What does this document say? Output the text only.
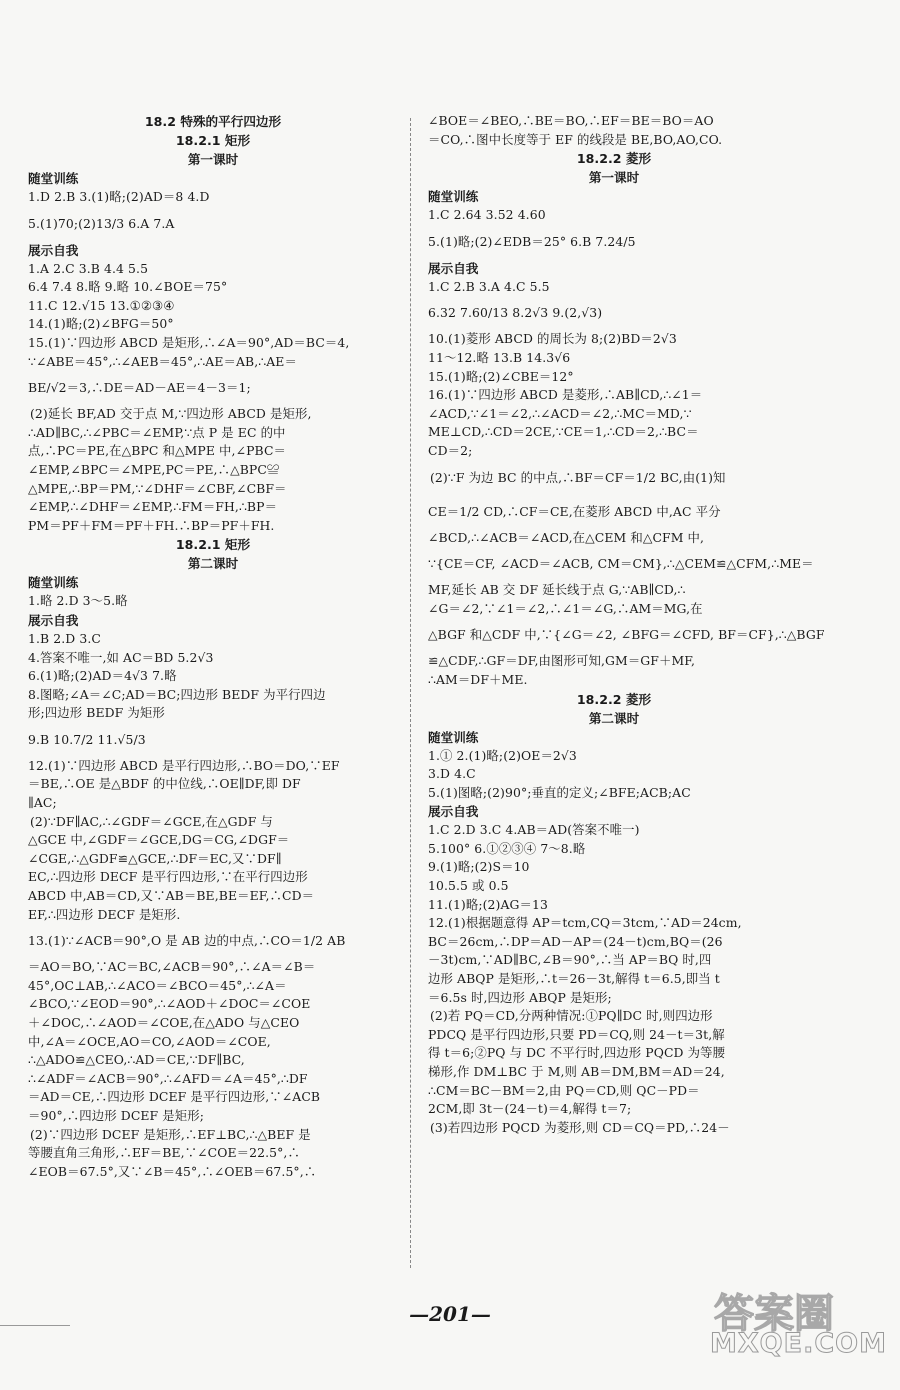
18.2 特殊的平行四边形
18.2.1 矩形
第一课时
随堂训练
1.D 2.B 3.(1)略;(2)AD＝8 4.D
5.(1)70;(2)13/3 6.A 7.A
展示自我
1.A 2.C 3.B 4.4 5.5
6.4 7.4 8.略 9.略 10.∠BOE＝75°
11.C 12.√15 13.①②③④
14.(1)略;(2)∠BFG＝50°
15.(1)∵四边形 ABCD 是矩形,∴∠A＝90°,AD＝BC＝4,
∵∠ABE＝45°,∴∠AEB＝45°,∴AE＝AB,∴AE＝
BE/√2＝3,∴DE＝AD－AE＝4－3＝1;
(2)延长 BF,AD 交于点 M,∵四边形 ABCD 是矩形,
∴AD∥BC,∴∠PBC＝∠EMP,∵点 P 是 EC 的中
点,∴PC＝PE,在△BPC 和△MPE 中,∠PBC＝
∠EMP,∠BPC＝∠MPE,PC＝PE,∴△BPC≌
△MPE,∴BP＝PM,∵∠DHF＝∠CBF,∠CBF＝
∠EMP,∴∠DHF＝∠EMP,∴FM＝FH,∴BP＝
PM＝PF＋FM＝PF＋FH.∴BP＝PF＋FH.
18.2.1 矩形
第二课时
随堂训练
1.略 2.D 3～5.略
展示自我
1.B 2.D 3.C
4.答案不唯一,如 AC＝BD 5.2√3
6.(1)略;(2)AD＝4√3 7.略
8.图略;∠A＝∠C;AD＝BC;四边形 BEDF 为平行四边
形;四边形 BEDF 为矩形
9.B 10.7/2 11.√5/3
12.(1)∵四边形 ABCD 是平行四边形,∴BO＝DO,∵EF
＝BE,∴OE 是△BDF 的中位线,∴OE∥DF,即 DF
∥AC;
(2)∵DF∥AC,∴∠GDF＝∠GCE,在△GDF 与
△GCE 中,∠GDF＝∠GCE,DG＝CG,∠DGF＝
∠CGE,∴△GDF≌△GCE,∴DF＝EC,又∵DF∥
EC,∴四边形 DECF 是平行四边形,∵在平行四边形
ABCD 中,AB＝CD,又∵AB＝BE,BE＝EF,∴CD＝
EF,∴四边形 DECF 是矩形.
13.(1)∵∠ACB＝90°,O 是 AB 边的中点,∴CO＝1/2 AB
＝AO＝BO,∵AC＝BC,∠ACB＝90°,∴∠A＝∠B＝
45°,OC⊥AB,∴∠ACO＝∠BCO＝45°,∴∠A＝
∠BCO,∵∠EOD＝90°,∴∠AOD＋∠DOC＝∠COE
＋∠DOC,∴∠AOD＝∠COE,在△ADO 与△CEO
中,∠A＝∠OCE,AO＝CO,∠AOD＝∠COE,
∴△ADO≌△CEO,∴AD＝CE,∵DF∥BC,
∴∠ADF＝∠ACB＝90°,∴∠AFD＝∠A＝45°,∴DF
＝AD＝CE,∴四边形 DCEF 是平行四边形,∵∠ACB
＝90°,∴四边形 DCEF 是矩形;
(2)∵四边形 DCEF 是矩形,∴EF⊥BC,∴△BEF 是
等腰直角三角形,∴EF＝BE,∵∠COE＝22.5°,∴
∠EOB＝67.5°,又∵∠B＝45°,∴∠OEB＝67.5°,∴
∠BOE＝∠BEO,∴BE＝BO,∴EF＝BE＝BO＝AO
＝CO,∴图中长度等于 EF 的线段是 BE,BO,AO,CO.
18.2.2 菱形
第一课时
随堂训练
1.C 2.64 3.52 4.60
5.(1)略;(2)∠EDB＝25° 6.B 7.24/5
展示自我
1.C 2.B 3.A 4.C 5.5
6.32 7.60/13 8.2√3 9.(2,√3)
10.(1)菱形 ABCD 的周长为 8;(2)BD＝2√3
11～12.略 13.B 14.3√6
15.(1)略;(2)∠CBE＝12°
16.(1)∵四边形 ABCD 是菱形,∴AB∥CD,∴∠1＝
∠ACD,∵∠1＝∠2,∴∠ACD＝∠2,∴MC＝MD,∵
ME⊥CD,∴CD＝2CE,∵CE＝1,∴CD＝2,∴BC＝
CD＝2;
(2)∵F 为边 BC 的中点,∴BF＝CF＝1/2 BC,由(1)知
CE＝1/2 CD,∴CF＝CE,在菱形 ABCD 中,AC 平分
∠BCD,∴∠ACB＝∠ACD,在△CEM 和△CFM 中,
∵{CE＝CF, ∠ACD＝∠ACB, CM＝CM},∴△CEM≌△CFM,∴ME＝
MF,延长 AB 交 DF 延长线于点 G,∵AB∥CD,∴
∠G＝∠2,∵∠1＝∠2,∴∠1＝∠G,∴AM＝MG,在
△BGF 和△CDF 中,∵{∠G＝∠2, ∠BFG＝∠CFD, BF＝CF},∴△BGF
≌△CDF,∴GF＝DF,由图形可知,GM＝GF＋MF,
∴AM＝DF＋ME.
18.2.2 菱形
第二课时
随堂训练
1.① 2.(1)略;(2)OE＝2√3
3.D 4.C
5.(1)图略;(2)90°;垂直的定义;∠BFE;ACB;AC
展示自我
1.C 2.D 3.C 4.AB＝AD(答案不唯一)
5.100° 6.①②③④ 7～8.略
9.(1)略;(2)S＝10
10.5.5 或 0.5
11.(1)略;(2)AG＝13
12.(1)根据题意得 AP＝tcm,CQ＝3tcm,∵AD＝24cm,
BC＝26cm,∴DP＝AD－AP＝(24－t)cm,BQ＝(26
－3t)cm,∵AD∥BC,∠B＝90°,∴当 AP＝BQ 时,四
边形 ABQP 是矩形,∴t＝26－3t,解得 t＝6.5,即当 t
＝6.5s 时,四边形 ABQP 是矩形;
(2)若 PQ＝CD,分两种情况:①PQ∥DC 时,则四边形
PDCQ 是平行四边形,只要 PD＝CQ,则 24－t＝3t,解
得 t＝6;②PQ 与 DC 不平行时,四边形 PQCD 为等腰
梯形,作 DM⊥BC 于 M,则 AB＝DM,BM＝AD＝24,
∴CM＝BC－BM＝2,由 PQ＝CD,则 QC－PD＝
2CM,即 3t－(24－t)＝4,解得 t＝7;
(3)若四边形 PQCD 为菱形,则 CD＝CQ＝PD,∴24－
—201—	答案圈
MXQE.COM
